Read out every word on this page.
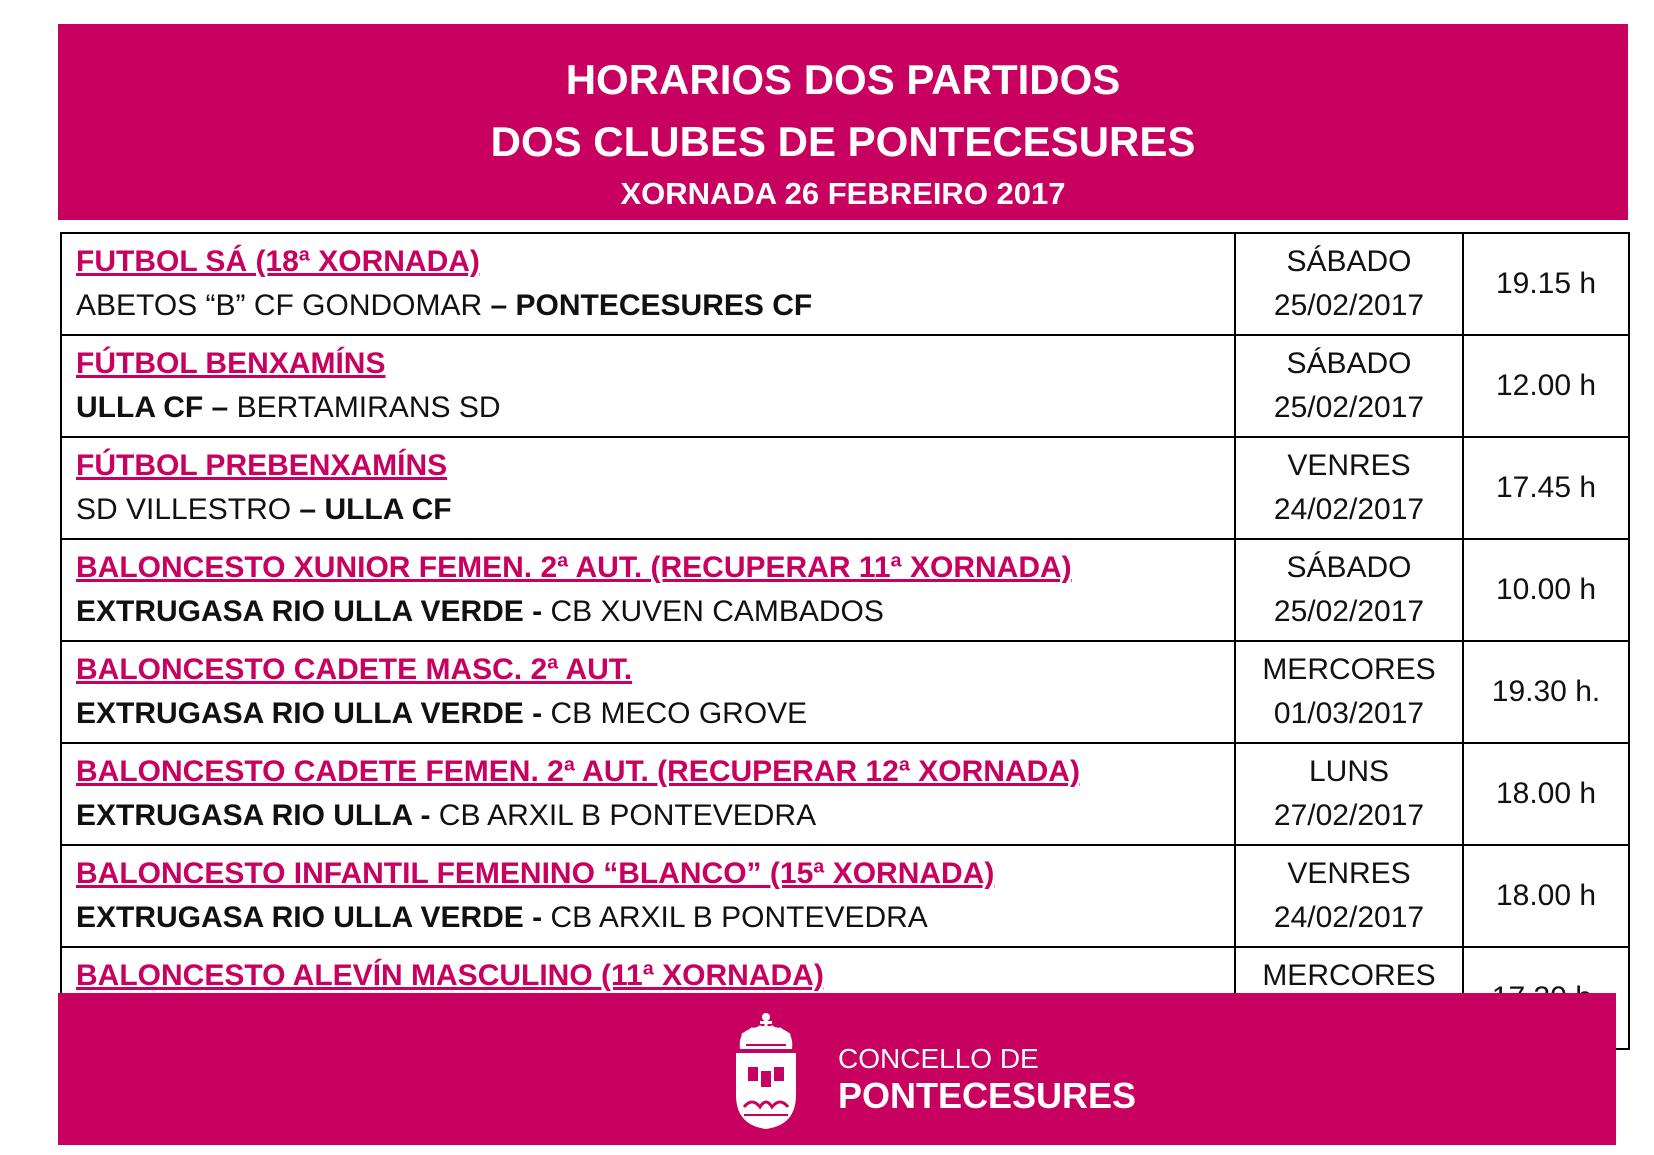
HORARIOS DOS PARTIDOS
DOS CLUBES DE PONTECESURES
XORNADA 26 FEBREIRO 2017
FUTBOL SÁ (18ª XORNADA)
ABETOS “B” CF GONDOMAR – PONTECESURES CF	SÁBADO
25/02/2017	19.15 h

FÚTBOL BENXAMÍNS
ULLA CF – BERTAMIRANS SD	SÁBADO
25/02/2017	12.00 h

FÚTBOL PREBENXAMÍNS
SD VILLESTRO – ULLA CF	VENRES
24/02/2017	17.45 h

BALONCESTO XUNIOR FEMEN. 2ª AUT. (RECUPERAR 11ª XORNADA)
EXTRUGASA RIO ULLA VERDE - CB XUVEN CAMBADOS	SÁBADO
25/02/2017	10.00 h

BALONCESTO CADETE MASC. 2ª AUT.
EXTRUGASA RIO ULLA VERDE - CB MECO GROVE	MERCORES
01/03/2017	19.30 h.

BALONCESTO CADETE FEMEN. 2ª AUT. (RECUPERAR 12ª XORNADA)
EXTRUGASA RIO ULLA - CB ARXIL B PONTEVEDRA	LUNS
27/02/2017	18.00 h

BALONCESTO INFANTIL FEMENINO “BLANCO” (15ª XORNADA)
EXTRUGASA RIO ULLA VERDE - CB ARXIL B PONTEVEDRA	VENRES
24/02/2017	18.00 h

BALONCESTO ALEVÍN MASCULINO (11ª XORNADA)	MERCORES

CONCELLO DE
PONTECESURES
